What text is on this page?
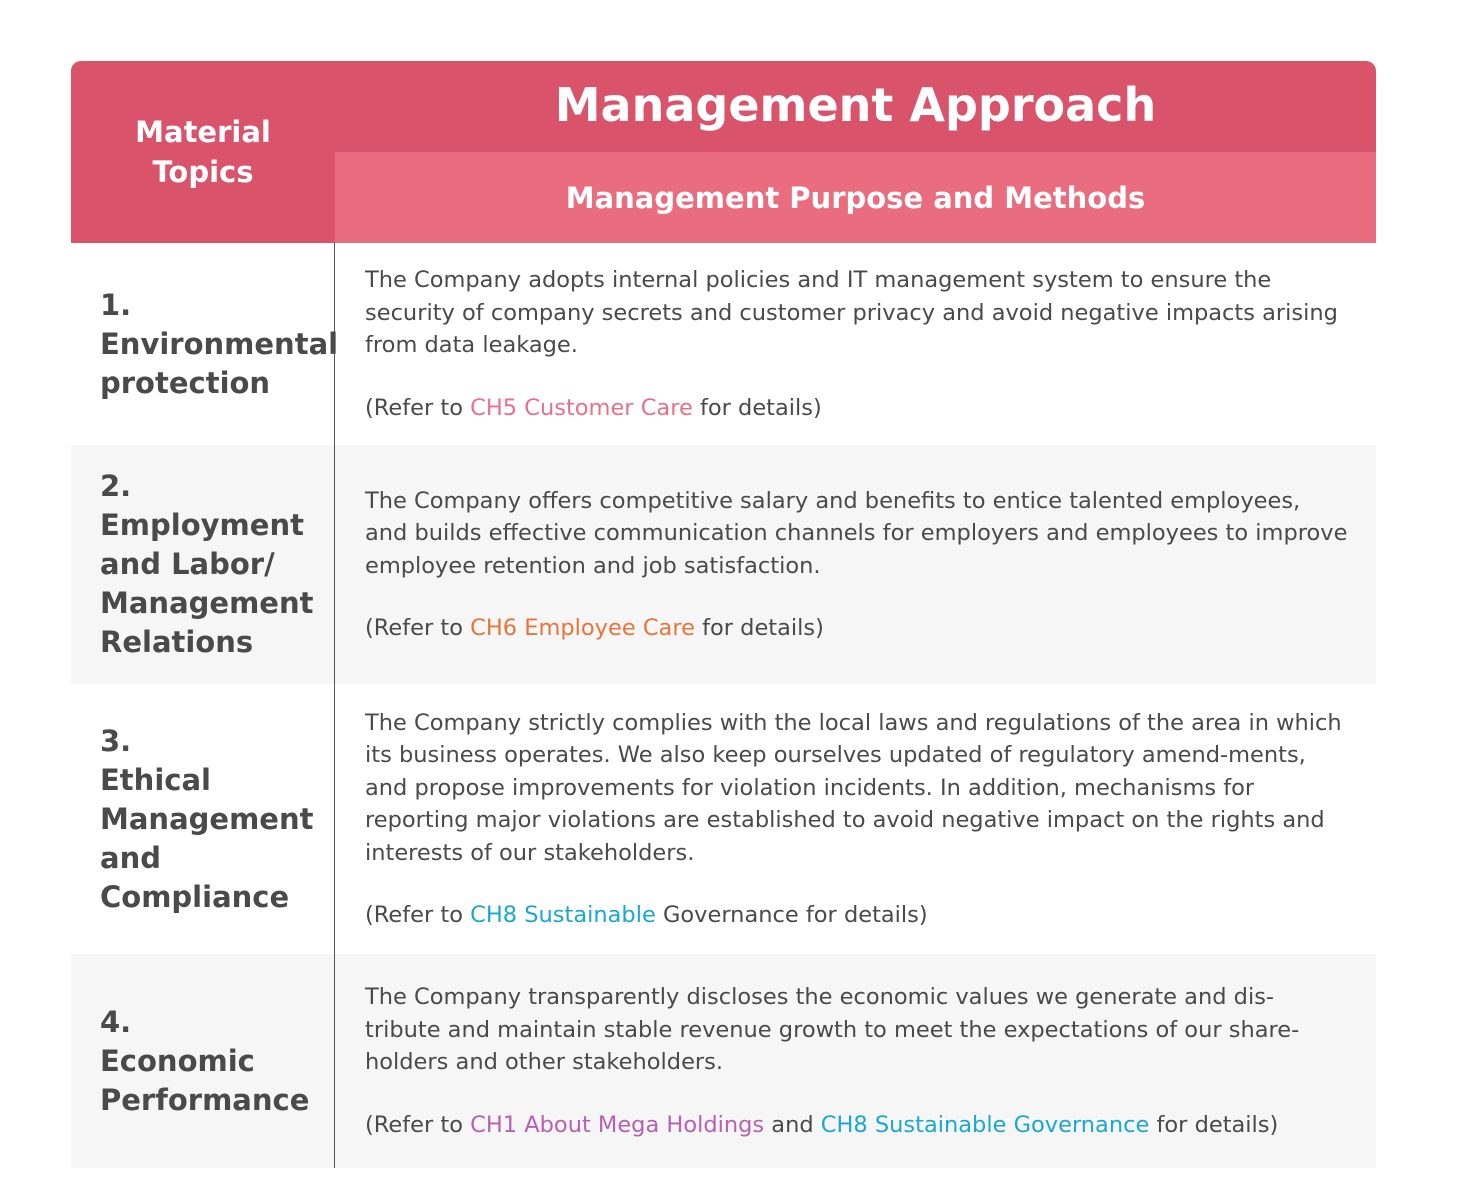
Material
Topics
Management Approach
Management Purpose and Methods
1.
Environmental
protection

The Company adopts internal policies and IT management system to ensure the security of company secrets and customer privacy and avoid negative impacts arising from data leakage.

(Refer to CH5 Customer Care for details)

2.
Employment
and Labor/
Management
Relations

The Company offers competitive salary and benefits to entice talented employees, and builds effective communication channels for employers and employees to improve employee retention and job satisfaction.

(Refer to CH6 Employee Care for details)

3.
Ethical
Management
and
Compliance

The Company strictly complies with the local laws and regulations of the area in which its business operates. We also keep ourselves updated of regulatory amend-ments, and propose improvements for violation incidents. In addition, mechanisms for reporting major violations are established to avoid negative impact on the rights and interests of our stakeholders.

(Refer to CH8 Sustainable Governance for details)

4.
Economic
Performance

The Company transparently discloses the economic values we generate and dis-tribute and maintain stable revenue growth to meet the expectations of our share-holders and other stakeholders.

(Refer to CH1 About Mega Holdings and CH8 Sustainable Governance for details)
